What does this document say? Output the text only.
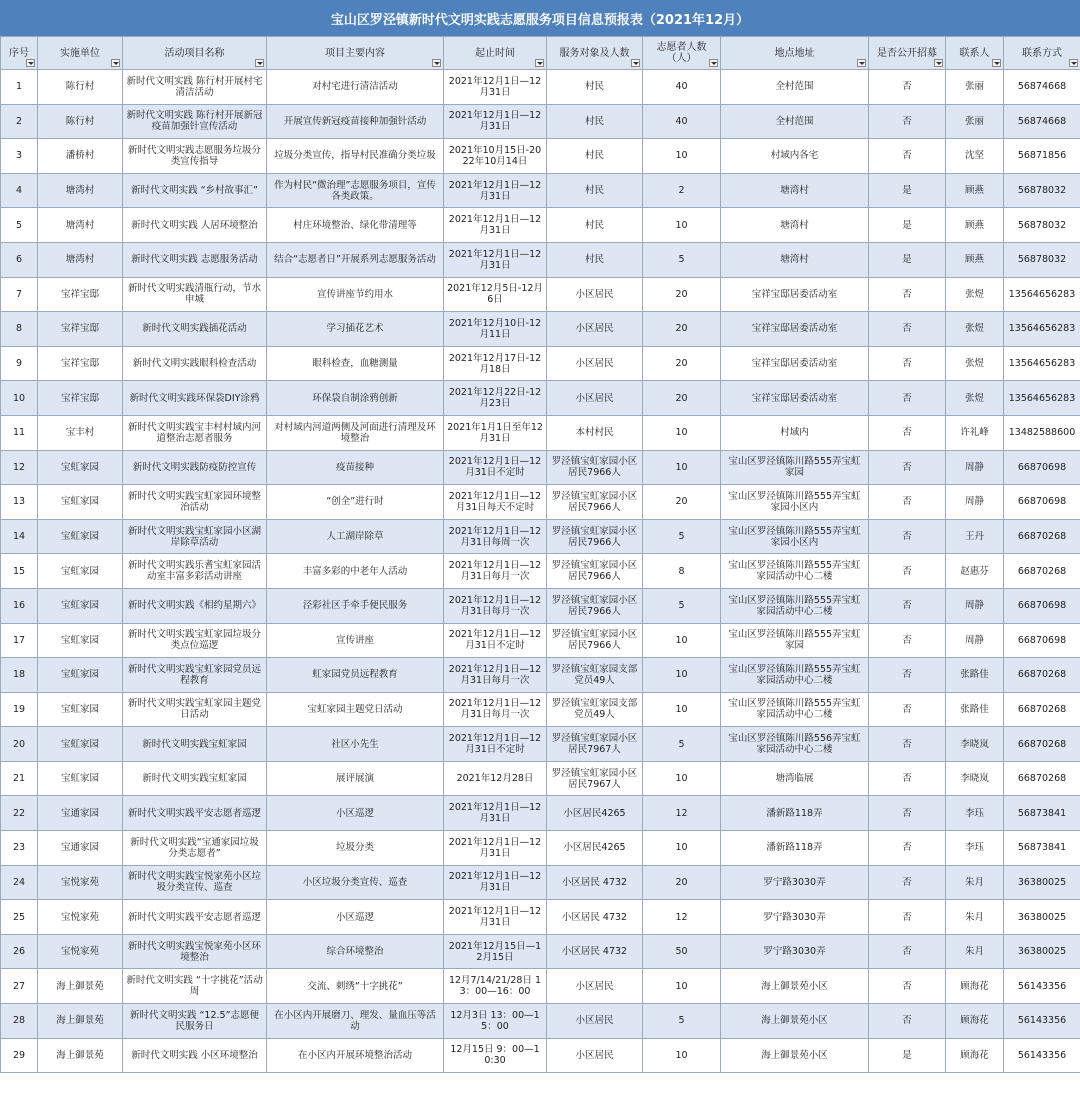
宝山区罗泾镇新时代文明实践志愿服务项目信息预报表（2021年12月）
序号	实施单位	活动项目名称	项目主要内容	起止时间	服务对象及人数	志愿者人数（人）	地点地址	是否公开招募	联系人	联系方式

1	陈行村	新时代文明实践 陈行村开展村宅清洁活动	对村宅进行清洁活动	2021年12月1日—12月31日	村民	40	全村范围	否	张丽	56874668
2	陈行村	新时代文明实践 陈行村开展新冠疫苗加强针宣传活动	开展宣传新冠疫苗接种加强针活动	2021年12月1日—12月31日	村民	40	全村范围	否	张丽	56874668
3	潘桥村	新时代文明实践志愿服务垃圾分类宣传指导	垃圾分类宣传，指导村民准确分类垃圾	2021年10月15日-2022年10月14日	村民	10	村域内各宅	否	沈坚	56871856
4	塘湾村	新时代文明实践 “乡村故事汇”	作为村民“微治理”志愿服务项目，宣传各类政策。	2021年12月1日—12月31日	村民	2	塘湾村	是	顾燕	56878032
5	塘湾村	新时代文明实践 人居环境整治	村庄环境整治、绿化带清理等	2021年12月1日—12月31日	村民	10	塘湾村	是	顾燕	56878032
6	塘湾村	新时代文明实践 志愿服务活动	结合“志愿者日”开展系列志愿服务活动	2021年12月1日—12月31日	村民	5	塘湾村	是	顾燕	56878032
7	宝祥宝邸	新时代文明实践清瓶行动，节水申城	宣传讲座节约用水	2021年12月5日-12月6日	小区居民	20	宝祥宝邸居委活动室	否	张煜	13564656283
8	宝祥宝邸	新时代文明实践插花活动	学习插花艺术	2021年12月10日-12月11日	小区居民	20	宝祥宝邸居委活动室	否	张煜	13564656283
9	宝祥宝邸	新时代文明实践眼科检查活动	眼科检查，血糖测量	2021年12月17日-12月18日	小区居民	20	宝祥宝邸居委活动室	否	张煜	13564656283
10	宝祥宝邸	新时代文明实践环保袋DIY涂鸦	环保袋自制涂鸦创新	2021年12月22日-12月23日	小区居民	20	宝祥宝邸居委活动室	否	张煜	13564656283
11	宝丰村	新时代文明实践宝丰村村域内河道整治志愿者服务	对村域内河道两侧及河面进行清理及环境整治	2021年1月1日至年12月31日	本村村民	10	村域内	否	许礼峰	13482588600
12	宝虹家园	新时代文明实践防疫防控宣传	疫苗接种	2021年12月1日—12月31日不定时	罗泾镇宝虹家园小区居民7966人	10	宝山区罗泾镇陈川路555弄宝虹家园	否	周静	66870698
13	宝虹家园	新时代文明实践宝虹家园环境整治活动	“创全”进行时	2021年12月1日—12月31日每天不定时	罗泾镇宝虹家园小区居民7966人	20	宝山区罗泾镇陈川路555弄宝虹家园小区内	否	周静	66870698
14	宝虹家园	新时代文明实践宝虹家园小区湖岸除草活动	人工湖岸除草	2021年12月1日—12月31日每周一次	罗泾镇宝虹家园小区居民7966人	5	宝山区罗泾镇陈川路555弄宝虹家园小区内	否	王丹	66870268
15	宝虹家园	新时代文明实践乐耆宝虹家园活动室丰富多彩活动讲座	丰富多彩的中老年人活动	2021年12月1日—12月31日每月一次	罗泾镇宝虹家园小区居民7966人	8	宝山区罗泾镇陈川路555弄宝虹家园活动中心二楼	否	赵惠芬	66870268
16	宝虹家园	新时代文明实践《相约星期六》	泾彩社区手牵手便民服务	2021年12月1日—12月31日每月一次	罗泾镇宝虹家园小区居民7966人	5	宝山区罗泾镇陈川路555弄宝虹家园活动中心二楼	否	周静	66870698
17	宝虹家园	新时代文明实践宝虹家园垃圾分类点位巡逻	宣传讲座	2021年12月1日—12月31日不定时	罗泾镇宝虹家园小区居民7966人	10	宝山区罗泾镇陈川路555弄宝虹家园	否	周静	66870698
18	宝虹家园	新时代文明实践宝虹家园党员远程教育	虹家园党员远程教育	2021年12月1日—12月31日每月一次	罗泾镇宝虹家园支部党员49人	10	宝山区罗泾镇陈川路555弄宝虹家园活动中心二楼	否	张路佳	66870268
19	宝虹家园	新时代文明实践宝虹家园主题党日活动	宝虹家园主题党日活动	2021年12月1日—12月31日每月一次	罗泾镇宝虹家园支部党员49人	10	宝山区罗泾镇陈川路555弄宝虹家园活动中心二楼	否	张路佳	66870268
20	宝虹家园	新时代文明实践宝虹家园	社区小先生	2021年12月1日—12月31日不定时	罗泾镇宝虹家园小区居民7967人	5	宝山区罗泾镇陈川路556弄宝虹家园活动中心二楼	否	李晓岚	66870268
21	宝虹家园	新时代文明实践宝虹家园	展评展演	2021年12月28日	罗泾镇宝虹家园小区居民7967人	10	塘湾临展	否	李晓岚	66870268
22	宝通家园	新时代文明实践平安志愿者巡逻	小区巡逻	2021年12月1日—12月31日	小区居民4265	12	潘新路118弄	否	李珏	56873841
23	宝通家园	新时代文明实践“宝通家园垃圾分类志愿者”	垃圾分类	2021年12月1日—12月31日	小区居民4265	10	潘新路118弄	否	李珏	56873841
24	宝悦家苑	新时代文明实践宝悦家苑小区垃圾分类宣传、巡查	小区垃圾分类宣传、巡查	2021年12月1日—12月31日	小区居民 4732	20	罗宁路3030弄	否	朱月	36380025
25	宝悦家苑	新时代文明实践平安志愿者巡逻	小区巡逻	2021年12月1日—12月31日	小区居民 4732	12	罗宁路3030弄	否	朱月	36380025
26	宝悦家苑	新时代文明实践宝悦家苑小区环境整治	综合环境整治	2021年12月15日—12月15日	小区居民 4732	50	罗宁路3030弄	否	朱月	36380025
27	海上御景苑	新时代文明实践 “十字挑花”活动周	交流、刺绣“十字挑花”	12月7/14/21/28日 13：00—16：00	小区居民	10	海上御景苑小区	否	顾海花	56143356
28	海上御景苑	新时代文明实践 “12.5”志愿便民服务日	在小区内开展磨刀、理发、量血压等活动	12月3日 13：00—15：00	小区居民	5	海上御景苑小区	否	顾海花	56143356
29	海上御景苑	新时代文明实践 小区环境整治	在小区内开展环境整治活动	12月15日 9：00—10:30	小区居民	10	海上御景苑小区	是	顾海花	56143356
